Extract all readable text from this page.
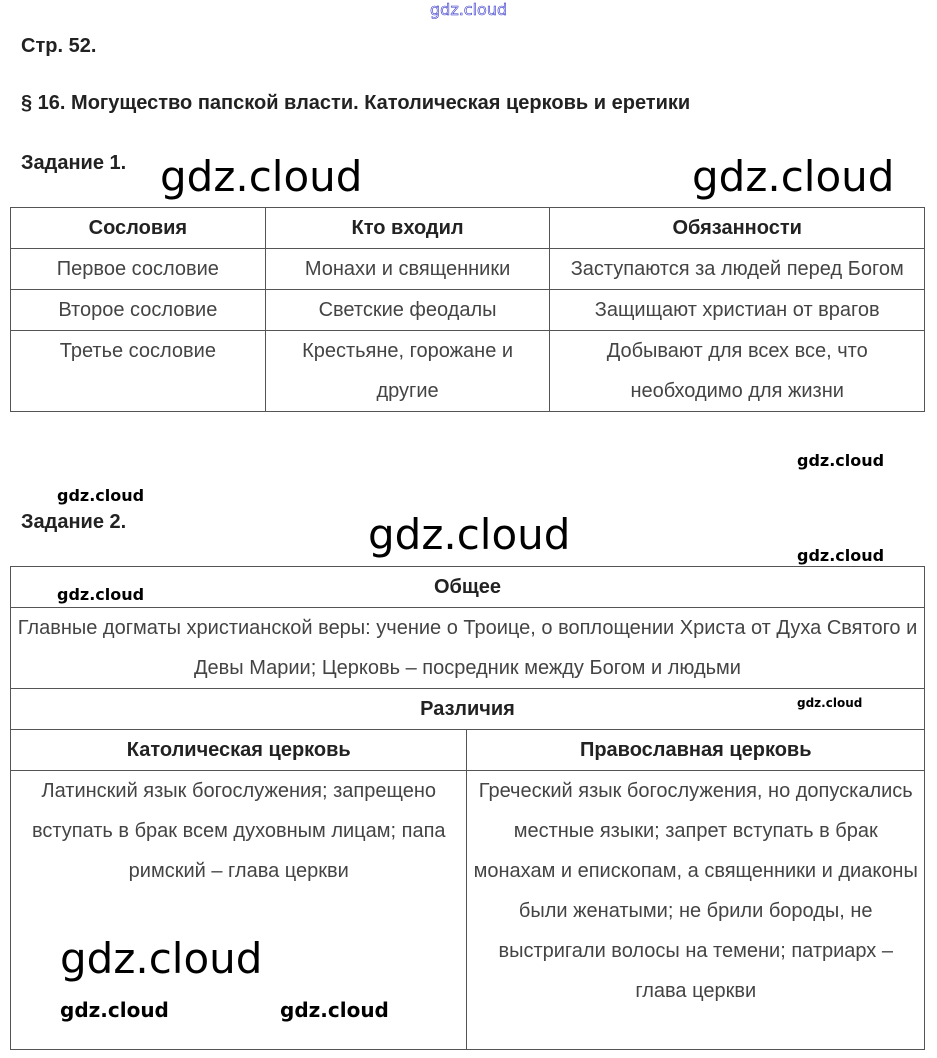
gdz.cloud
Стр. 52.
§ 16. Могущество папской власти. Католическая церковь и еретики
Задание 1.
Сословия	Кто входил	Обязанности
Первое сословие	Монахи и священники	Заступаются за людей перед Богом
Второе сословие	Светские феодалы	Защищают христиан от врагов
Третье сословие	Крестьяне, горожане и другие	Добывают для всех все, что необходимо для жизни
Задание 2.
Общее	
Главные догматы христианской веры: учение о Троице, о воплощении Христа от Духа Святого и Девы Марии; Церковь – посредник между Богом и людьми	
Различия	
Католическая церковь	Православная церковь
Латинский язык богослужения; запрещено вступать в брак всем духовным лицам; папа римский – глава церкви	Греческий язык богослужения, но допускались местные языки; запрет вступать в брак монахам и епископам, а священники и диаконы были женатыми; не брили бороды, не выстригали волосы на темени; патриарх – глава церкви
gdz.cloud	gdz.cloud
gdz.cloud
gdz.cloud
gdz.cloud
gdz.cloud
gdz.cloud
gdz.cloud
gdz.cloud
gdz.cloud
gdz.cloud
